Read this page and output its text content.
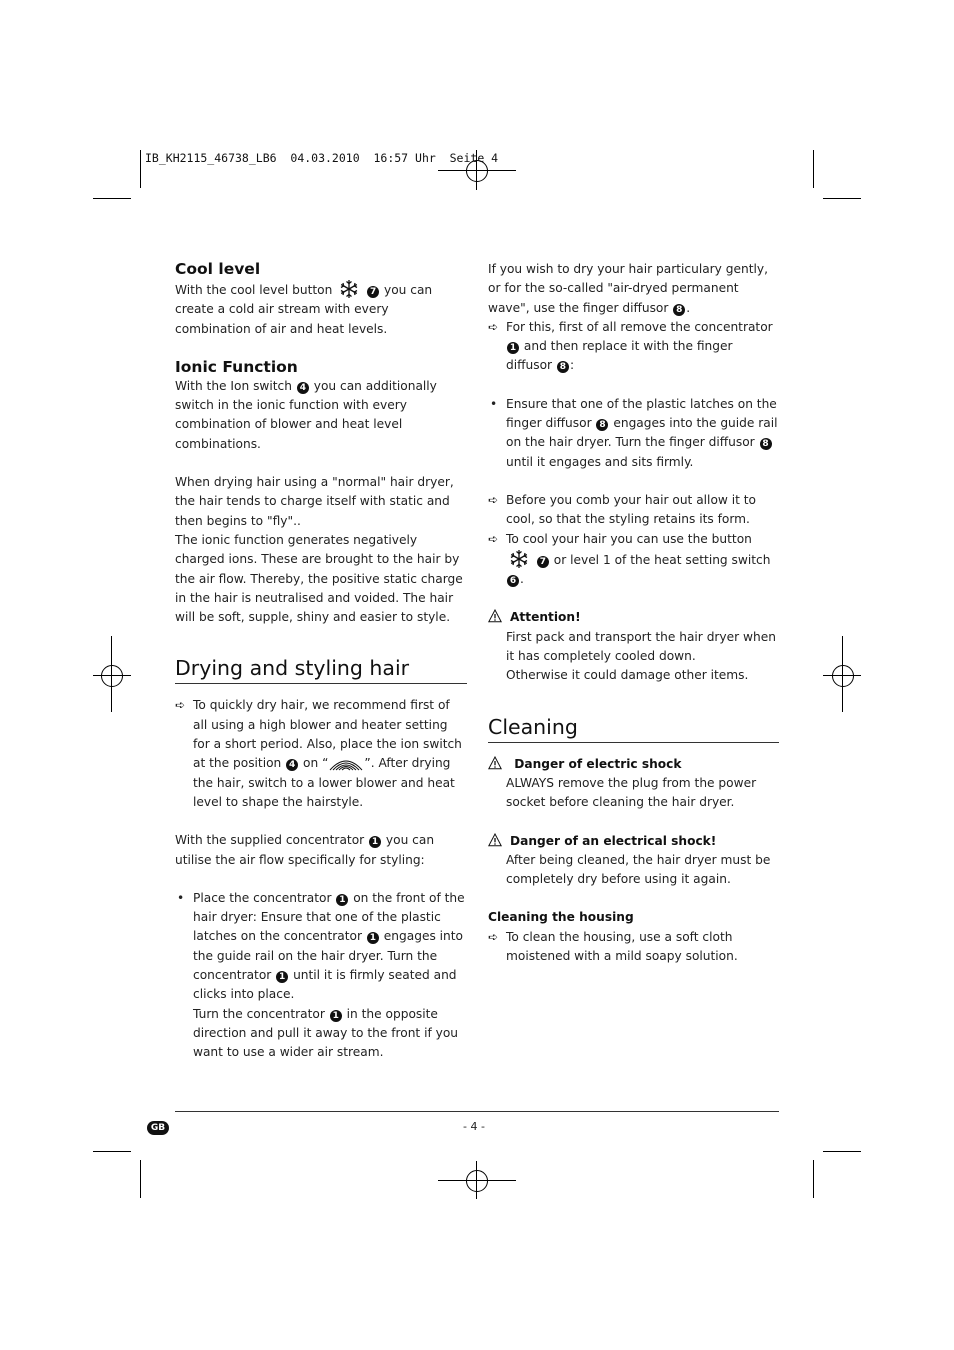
IB_KH2115_46738_LB6  04.03.2010  16:57 Uhr  Seite 4

Cool level

With the cool level button	7 you can create a cold air stream with every combination of air and heat levels.

Ionic Function

With the Ion switch 4 you can additionally switch in the ionic function with every combination of blower and heat level combinations.

When drying hair using a "normal" hair dryer, the hair tends to charge itself with static and then begins to "fly"..

The ionic function generates negatively charged ions. These are brought to the hair by the air flow. Thereby, the positive static charge in the hair is neutralised and voided. The hair will be soft, supple, shiny and easier to style.

Drying and styling hair

➪ To quickly dry hair, we recommend first of all using a high blower and heater setting for a short period. Also, place the ion switch at the position 4 on “	”. After drying the hair, switch to a lower blower and heat level to shape the hairstyle.

With the supplied concentrator 1 you can utilise the air flow specifically for styling:

• Place the concentrator 1 on the front of the hair dryer: Ensure that one of the plastic latches on the concentrator 1 engages into the guide rail on the hair dryer. Turn the concentrator 1 until it is firmly seated and clicks into place.
Turn the concentrator 1 in the opposite direction and pull it away to the front if you want to use a wider air stream.

If you wish to dry your hair particulary gently, or for the so-called "air-dryed permanent wave", use the finger diffusor 8 .

➪ For this, first of all remove the concentrator 1 and then replace it with the finger diffusor 8 :
• Ensure that one of the plastic latches on the finger diffusor 8 engages into the guide rail on the hair dryer. Turn the finger diffusor 8 until it engages and sits firmly.
➪ Before you comb your hair out allow it to cool, so that the styling retains its form.
➪ To cool your hair you can use the button  7 or level 1 of the heat setting switch 6 .

Attention!

First pack and transport the hair dryer when it has completely cooled down.

Otherwise it could damage other items.

Cleaning

Danger of electric shock

ALWAYS remove the plug from the power socket before cleaning the hair dryer.

Danger of an electrical shock!

After being cleaned, the hair dryer must be completely dry before using it again.

Cleaning the housing

➪ To clean the housing, use a soft cloth moistened with a mild soapy solution.
GB	- 4 -
